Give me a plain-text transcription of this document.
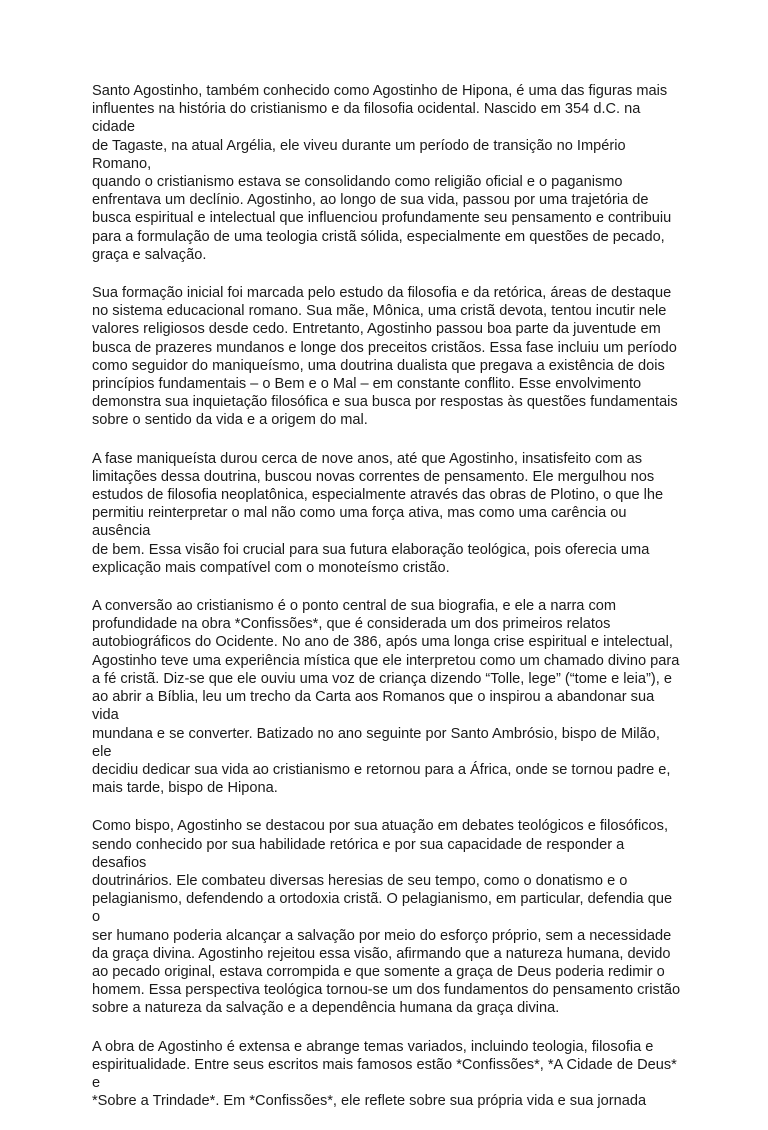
Santo Agostinho, também conhecido como Agostinho de Hipona, é uma das figuras mais
influentes na história do cristianismo e da filosofia ocidental. Nascido em 354 d.C. na cidade
de Tagaste, na atual Argélia, ele viveu durante um período de transição no Império Romano,
quando o cristianismo estava se consolidando como religião oficial e o paganismo
enfrentava um declínio. Agostinho, ao longo de sua vida, passou por uma trajetória de
busca espiritual e intelectual que influenciou profundamente seu pensamento e contribuiu
para a formulação de uma teologia cristã sólida, especialmente em questões de pecado,
graça e salvação.

Sua formação inicial foi marcada pelo estudo da filosofia e da retórica, áreas de destaque
no sistema educacional romano. Sua mãe, Mônica, uma cristã devota, tentou incutir nele
valores religiosos desde cedo. Entretanto, Agostinho passou boa parte da juventude em
busca de prazeres mundanos e longe dos preceitos cristãos. Essa fase incluiu um período
como seguidor do maniqueísmo, uma doutrina dualista que pregava a existência de dois
princípios fundamentais – o Bem e o Mal – em constante conflito. Esse envolvimento
demonstra sua inquietação filosófica e sua busca por respostas às questões fundamentais
sobre o sentido da vida e a origem do mal.

A fase maniqueísta durou cerca de nove anos, até que Agostinho, insatisfeito com as
limitações dessa doutrina, buscou novas correntes de pensamento. Ele mergulhou nos
estudos de filosofia neoplatônica, especialmente através das obras de Plotino, o que lhe
permitiu reinterpretar o mal não como uma força ativa, mas como uma carência ou ausência
de bem. Essa visão foi crucial para sua futura elaboração teológica, pois oferecia uma
explicação mais compatível com o monoteísmo cristão.

A conversão ao cristianismo é o ponto central de sua biografia, e ele a narra com
profundidade na obra *Confissões*, que é considerada um dos primeiros relatos
autobiográficos do Ocidente. No ano de 386, após uma longa crise espiritual e intelectual,
Agostinho teve uma experiência mística que ele interpretou como um chamado divino para
a fé cristã. Diz-se que ele ouviu uma voz de criança dizendo “Tolle, lege” (“tome e leia”), e
ao abrir a Bíblia, leu um trecho da Carta aos Romanos que o inspirou a abandonar sua vida
mundana e se converter. Batizado no ano seguinte por Santo Ambrósio, bispo de Milão, ele
decidiu dedicar sua vida ao cristianismo e retornou para a África, onde se tornou padre e,
mais tarde, bispo de Hipona.

Como bispo, Agostinho se destacou por sua atuação em debates teológicos e filosóficos,
sendo conhecido por sua habilidade retórica e por sua capacidade de responder a desafios
doutrinários. Ele combateu diversas heresias de seu tempo, como o donatismo e o
pelagianismo, defendendo a ortodoxia cristã. O pelagianismo, em particular, defendia que o
ser humano poderia alcançar a salvação por meio do esforço próprio, sem a necessidade
da graça divina. Agostinho rejeitou essa visão, afirmando que a natureza humana, devido
ao pecado original, estava corrompida e que somente a graça de Deus poderia redimir o
homem. Essa perspectiva teológica tornou-se um dos fundamentos do pensamento cristão
sobre a natureza da salvação e a dependência humana da graça divina.

A obra de Agostinho é extensa e abrange temas variados, incluindo teologia, filosofia e
espiritualidade. Entre seus escritos mais famosos estão *Confissões*, *A Cidade de Deus* e
*Sobre a Trindade*. Em *Confissões*, ele reflete sobre sua própria vida e sua jornada
